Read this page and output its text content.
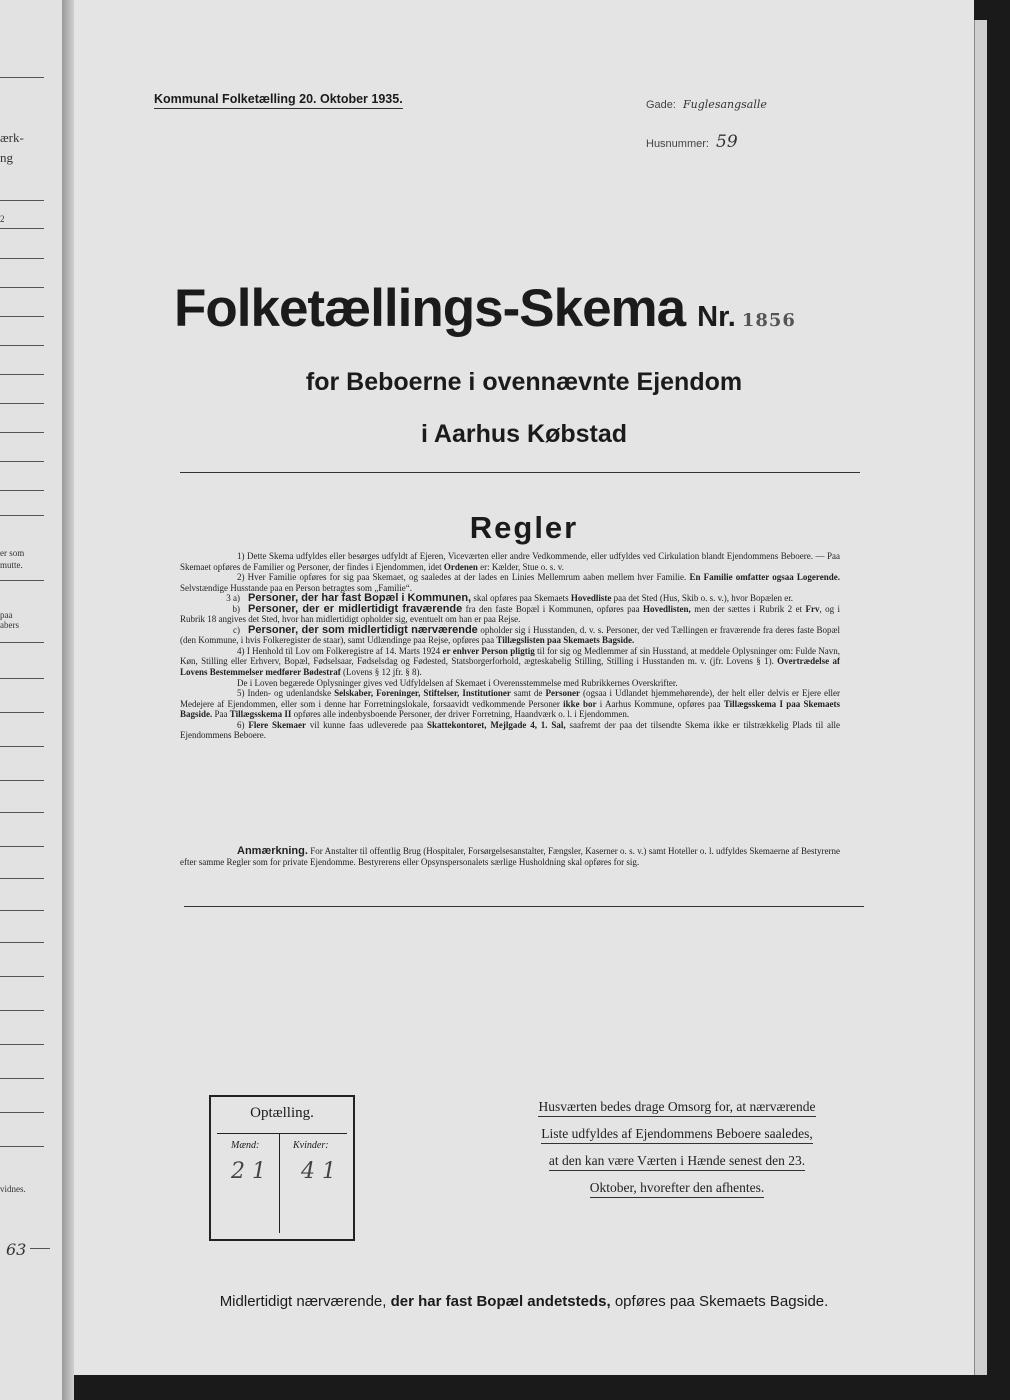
ærk-
ng
2
er som
mutte.
paa
abers
vidnes.
63
Kommunal Folketælling 20. Oktober 1935.	Gade: Fuglesangsalle
Husnummer: 59
Folketællings-Skema Nr. 1856
for Beboerne i ovennævnte Ejendom
i Aarhus Købstad
Regler

1) Dette Skema udfyldes eller besørges udfyldt af Ejeren, Viceværten eller andre Vedkommende, eller udfyldes ved Cirkulation blandt Ejendommens Beboere. — Paa Skemaet opføres de Familier og Personer, der findes i Ejendommen, idet Ordenen er: Kælder, Stue o. s. v.

2) Hver Familie opføres for sig paa Skemaet, og saaledes at der lades en Linies Mellemrum aaben mellem hver Familie. En Familie omfatter ogsaa Logerende. Selvstændige Husstande paa en Person betragtes som „Familie“.

3 a) Personer, der har fast Bopæl i Kommunen, skal opføres paa Skemaets Hovedliste paa det Sted (Hus, Skib o. s. v.), hvor Bopælen er.

b) Personer, der er midlertidigt fraværende fra den faste Bopæl i Kommunen, opføres paa Hovedlisten, men der sættes i Rubrik 2 et Frv, og i Rubrik 18 angives det Sted, hvor han midlertidigt opholder sig, eventuelt om han er paa Rejse.

c) Personer, der som midlertidigt nærværende opholder sig i Husstanden, d. v. s. Personer, der ved Tællingen er fraværende fra deres faste Bopæl (den Kommune, i hvis Folkeregister de staar), samt Udlændinge paa Rejse, opføres paa Tillægslisten paa Skemaets Bagside.

4) I Henhold til Lov om Folkeregistre af 14. Marts 1924 er enhver Person pligtig til for sig og Medlemmer af sin Husstand, at meddele Oplysninger om: Fulde Navn, Køn, Stilling eller Erhverv, Bopæl, Fødselsaar, Fødselsdag og Fødested, Statsborgerforhold, ægteskabelig Stilling, Stilling i Husstanden m. v. (jfr. Lovens § 1). Overtrædelse af Lovens Bestemmelser medfører Bødestraf (Lovens § 12 jfr. § 8).

De i Loven begærede Oplysninger gives ved Udfyldelsen af Skemaet i Overensstemmelse med Rubrikkernes Overskrifter.

5) Inden- og udenlandske Selskaber, Foreninger, Stiftelser, Institutioner samt de Personer (ogsaa i Udlandet hjemmehørende), der helt eller delvis er Ejere eller Medejere af Ejendommen, eller som i denne har Forretningslokale, forsaavidt vedkommende Personer ikke bor i Aarhus Kommune, opføres paa Tillægsskema I paa Skemaets Bagside. Paa Tillægsskema II opføres alle indenbysboende Personer, der driver Forretning, Haandværk o. l. i Ejendommen.

6) Flere Skemaer vil kunne faas udleverede paa Skattekontoret, Mejlgade 4, 1. Sal, saafremt der paa det tilsendte Skema ikke er tilstrækkelig Plads til alle Ejendommens Beboere.

Anmærkning. For Anstalter til offentlig Brug (Hospitaler, Forsørgelsesanstalter, Fængsler, Kaserner o. s. v.) samt Hoteller o. l. udfyldes Skemaerne af Bestyrerne efter samme Regler som for private Ejendomme. Bestyrerens eller Opsynspersonalets særlige Husholdning skal opføres for sig.
Optælling.
Mænd:	Kvinder:
2 1 4 1
Husværten bedes drage Omsorg for, at nærværende
Liste udfyldes af Ejendommens Beboere saaledes,
at den kan være Værten i Hænde senest den 23.
Oktober, hvorefter den afhentes.
Midlertidigt nærværende, der har fast Bopæl andetsteds, opføres paa Skemaets Bagside.
